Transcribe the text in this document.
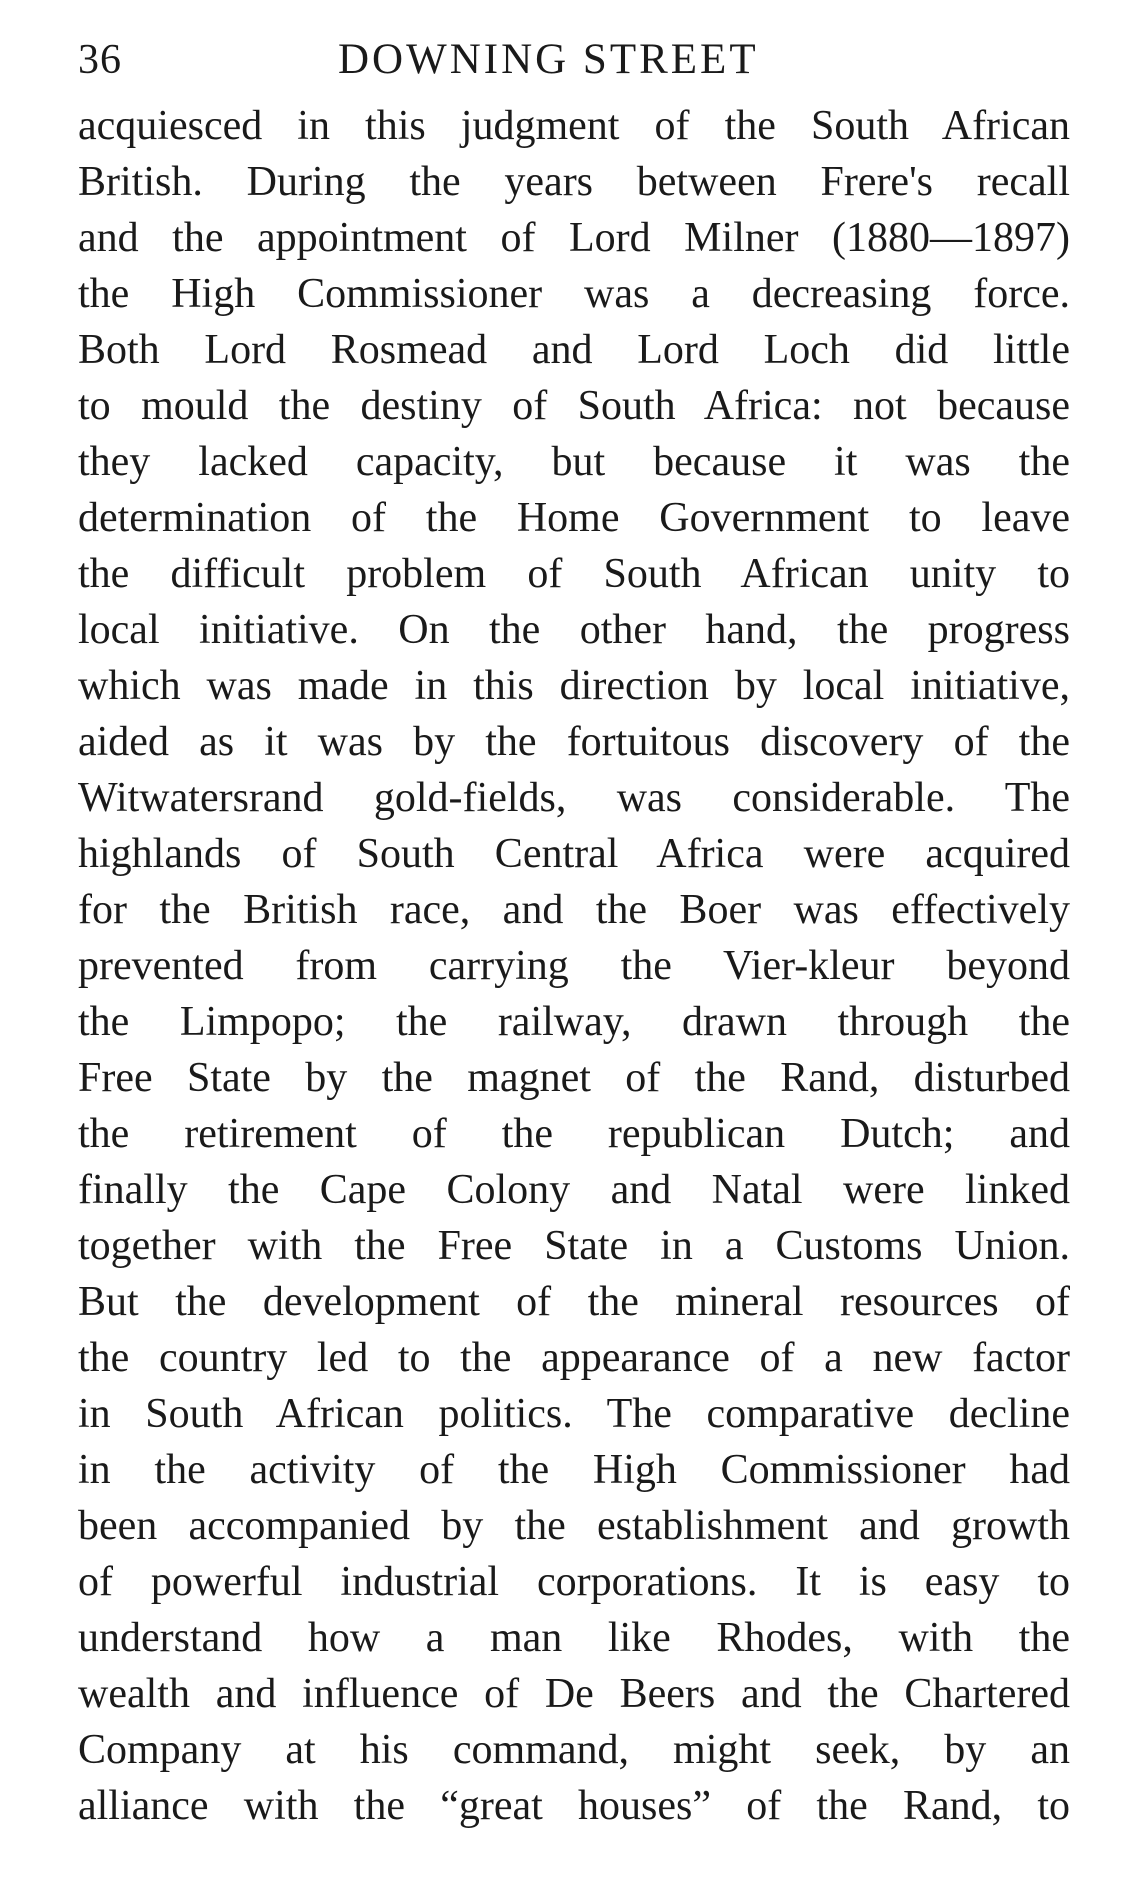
36	DOWNING STREET
acquiesced in this judgment of the South African
British. During the years between Frere's recall
and the appointment of Lord Milner (1880—1897)
the High Commissioner was a decreasing force.
Both Lord Rosmead and Lord Loch did little
to mould the destiny of South Africa: not because
they lacked capacity, but because it was the
determination of the Home Government to leave
the difficult problem of South African unity to
local initiative. On the other hand, the progress
which was made in this direction by local initiative,
aided as it was by the fortuitous discovery of the
Witwatersrand gold-fields, was considerable. The
highlands of South Central Africa were acquired
for the British race, and the Boer was effectively
prevented from carrying the Vier-kleur beyond
the Limpopo; the railway, drawn through the
Free State by the magnet of the Rand, disturbed
the retirement of the republican Dutch; and
finally the Cape Colony and Natal were linked
together with the Free State in a Customs Union.
But the development of the mineral resources of
the country led to the appearance of a new factor
in South African politics. The comparative decline
in the activity of the High Commissioner had
been accompanied by the establishment and growth
of powerful industrial corporations. It is easy to
understand how a man like Rhodes, with the
wealth and influence of De Beers and the Chartered
Company at his command, might seek, by an
alliance with the “great houses” of the Rand, to
